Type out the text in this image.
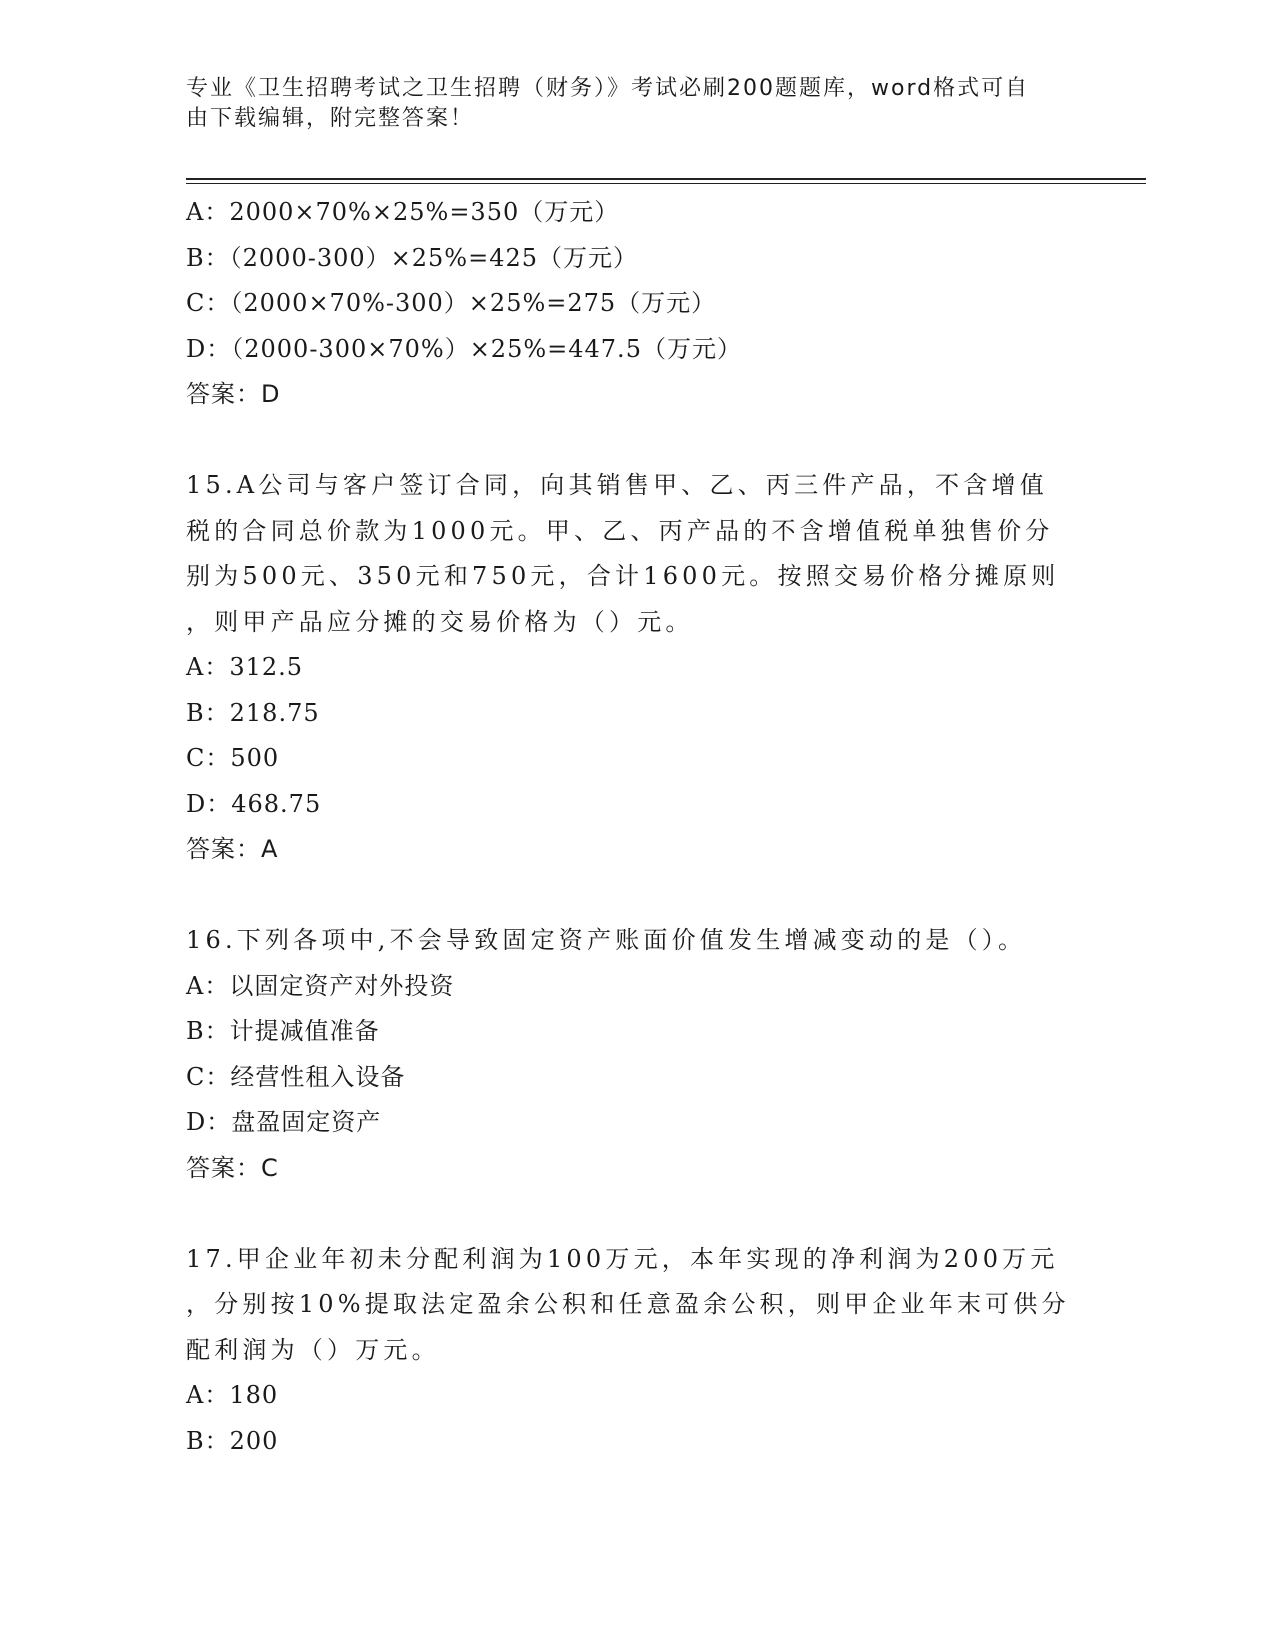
专业《卫生招聘考试之卫生招聘（财务）》考试必刷200题题库，word格式可自
由下载编辑，附完整答案！
A：2000×70%×25%=350（万元）
B：（2000-300）×25%=425（万元）
C：（2000×70%-300）×25%=275（万元）
D：（2000-300×70%）×25%=447.5（万元）
答案：D
15.A公司与客户签订合同，向其销售甲、乙、丙三件产品，不含增值
税的合同总价款为1000元。甲、乙、丙产品的不含增值税单独售价分
别为500元、350元和750元，合计1600元。按照交易价格分摊原则
，则甲产品应分摊的交易价格为（）元。
A：312.5
B：218.75
C：500
D：468.75
答案：A
16.下列各项中,不会导致固定资产账面价值发生增减变动的是（）。
A：以固定资产对外投资
B：计提减值准备
C：经营性租入设备
D：盘盈固定资产
答案：C
17.甲企业年初未分配利润为100万元，本年实现的净利润为200万元
，分别按10%提取法定盈余公积和任意盈余公积，则甲企业年末可供分
配利润为（）万元。
A：180
B：200
